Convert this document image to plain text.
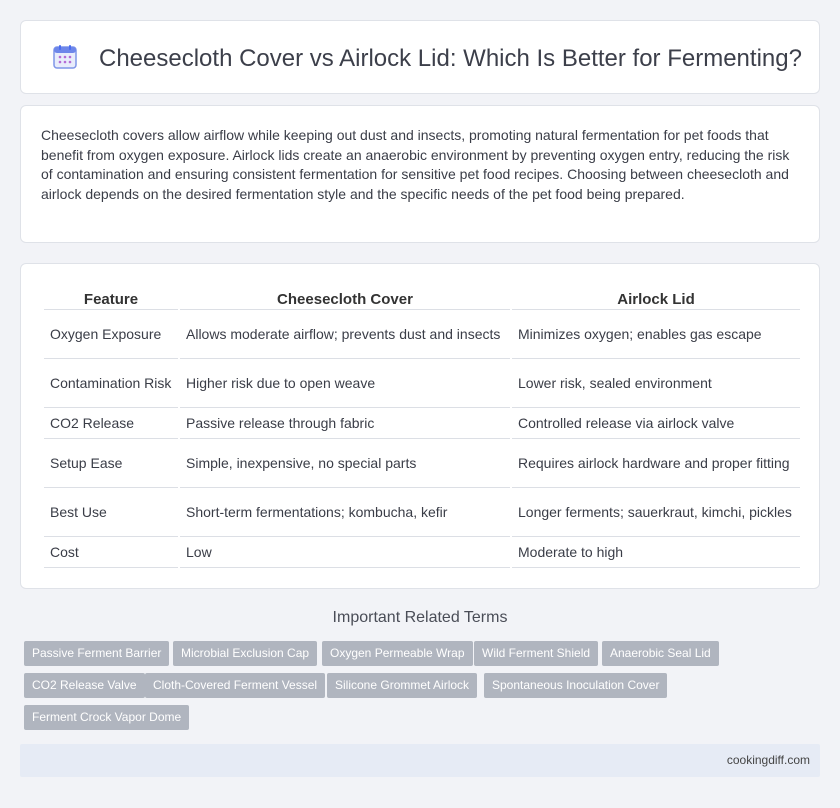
Cheesecloth Cover vs Airlock Lid: Which Is Better for Fermenting?

Cheesecloth covers allow airflow while keeping out dust and insects, promoting natural fermentation for pet foods that benefit from oxygen exposure. Airlock lids create an anaerobic environment by preventing oxygen entry, reducing the risk of contamination and ensuring consistent fermentation for sensitive pet food recipes. Choosing between cheesecloth and airlock depends on the desired fermentation style and the specific needs of the pet food being prepared.

Feature	Cheesecloth Cover	Airlock Lid
Oxygen Exposure	Allows moderate airflow; prevents dust and insects	Minimizes oxygen; enables gas escape
Contamination Risk	Higher risk due to open weave	Lower risk, sealed environment
CO2 Release	Passive release through fabric	Controlled release via airlock valve
Setup Ease	Simple, inexpensive, no special parts	Requires airlock hardware and proper fitting
Best Use	Short-term fermentations; kombucha, kefir	Longer ferments; sauerkraut, kimchi, pickles
Cost	Low	Moderate to high
Important Related Terms
Passive Ferment Barrier	Microbial Exclusion Cap	Oxygen Permeable Wrap	Wild Ferment Shield	Anaerobic Seal Lid
CO2 Release Valve	Cloth-Covered Ferment Vessel	Silicone Grommet Airlock	Spontaneous Inoculation Cover
Ferment Crock Vapor Dome
cookingdiff.com
